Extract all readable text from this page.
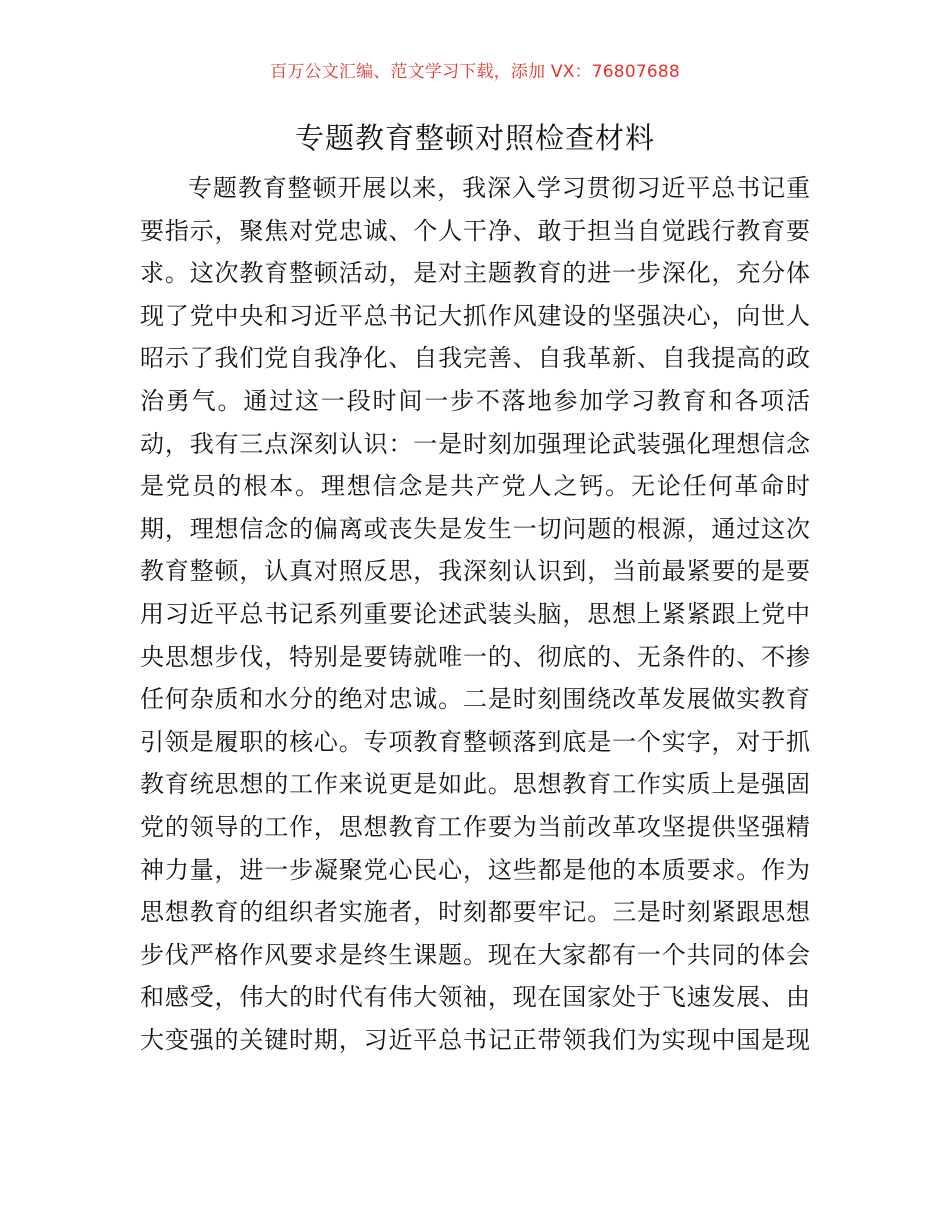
百万公文汇编、范文学习下载，添加 VX：76807688
专题教育整顿对照检查材料
专题教育整顿开展以来，我深入学习贯彻习近平总书记重
要指示，聚焦对党忠诚、个人干净、敢于担当自觉践行教育要
求。这次教育整顿活动，是对主题教育的进一步深化，充分体
现了党中央和习近平总书记大抓作风建设的坚强决心，向世人
昭示了我们党自我净化、自我完善、自我革新、自我提高的政
治勇气。通过这一段时间一步不落地参加学习教育和各项活
动，我有三点深刻认识：一是时刻加强理论武装强化理想信念
是党员的根本。理想信念是共产党人之钙。无论任何革命时
期，理想信念的偏离或丧失是发生一切问题的根源，通过这次
教育整顿，认真对照反思，我深刻认识到，当前最紧要的是要
用习近平总书记系列重要论述武装头脑，思想上紧紧跟上党中
央思想步伐，特别是要铸就唯一的、彻底的、无条件的、不掺
任何杂质和水分的绝对忠诚。二是时刻围绕改革发展做实教育
引领是履职的核心。专项教育整顿落到底是一个实字，对于抓
教育统思想的工作来说更是如此。思想教育工作实质上是强固
党的领导的工作，思想教育工作要为当前改革攻坚提供坚强精
神力量，进一步凝聚党心民心，这些都是他的本质要求。作为
思想教育的组织者实施者，时刻都要牢记。三是时刻紧跟思想
步伐严格作风要求是终生课题。现在大家都有一个共同的体会
和感受，伟大的时代有伟大领袖，现在国家处于飞速发展、由
大变强的关键时期，习近平总书记正带领我们为实现中国是现
